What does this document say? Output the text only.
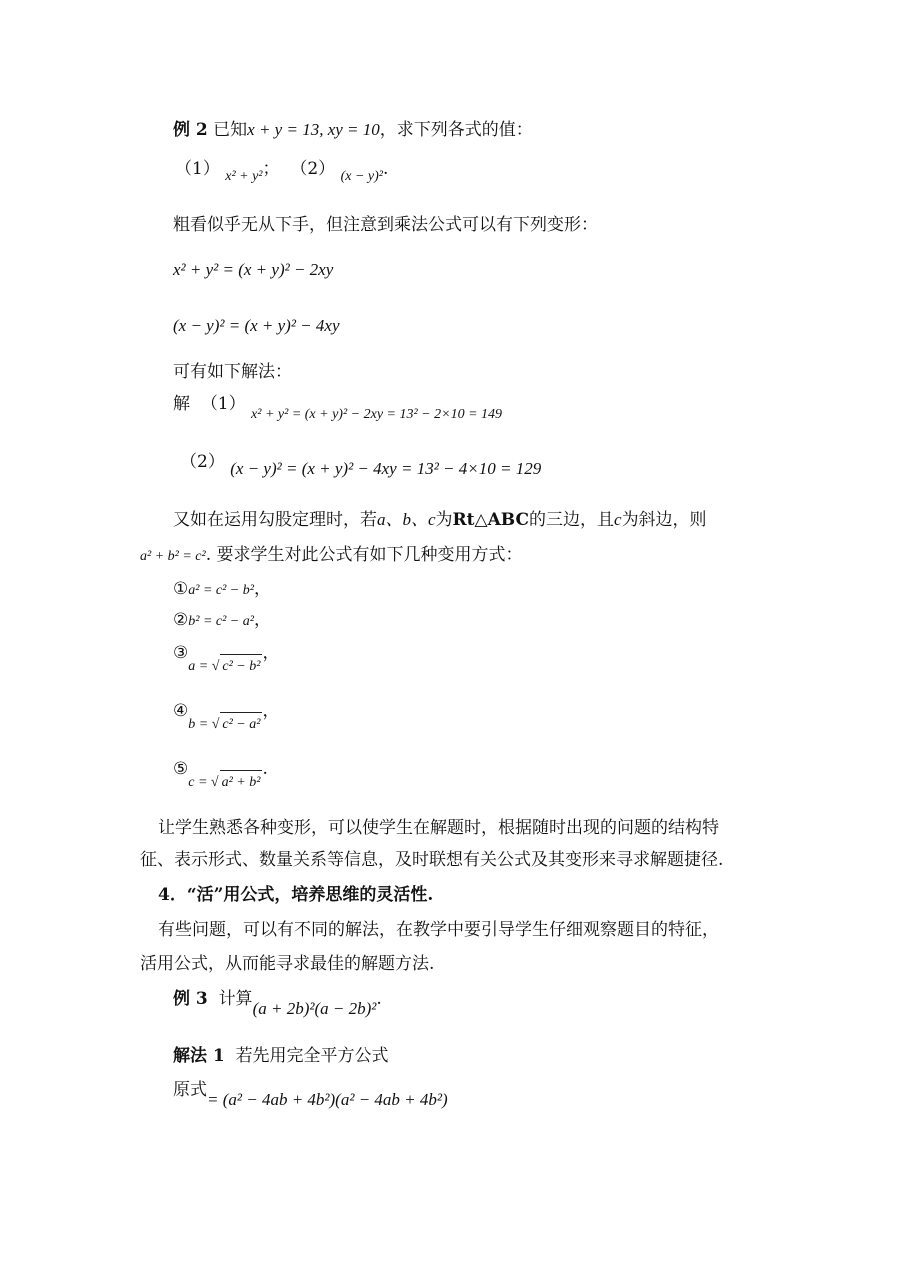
例 2 已知x + y = 13, xy = 10，求下列各式的值：
（1） $_{x^2 + y^2}$； （2） $_{(x - y)^2}$.
粗看似乎无从下手，但注意到乘法公式可以有下列变形：
x² + y² = (x + y)² − 2xy
(x − y)² = (x + y)² − 4xy
可有如下解法：
解 （1） $_{x^2 + y^2 = (x + y)^2 - 2xy = 13^2 - 2\times 10 = 149}$
（2） (x − y)² = (x + y)² − 4xy = 13² − 4×10 = 129
又如在运用勾股定理时，若a、b、c为Rt△ABC的三边，且c为斜边，则
a² + b² = c². 要求学生对此公式有如下几种变用方式：
①a² = c² − b²，
②b² = c² − a²，
$③_{a = √ c^2 - b^2}$，
$④_{b = √ c^2 - a^2}$，
$⑤_{c = √ a^2 + b^2}$.
让学生熟悉各种变形，可以使学生在解题时，根据随时出现的问题的结构特
征、表示形式、数量关系等信息，及时联想有关公式及其变形来寻求解题捷径.
4．“活”用公式，培养思维的灵活性.
有些问题，可以有不同的解法，在教学中要引导学生仔细观察题目的特征，
活用公式，从而能寻求最佳的解题方法.
例 3 计算(a + 2b)²(a − 2b)².
解法 1 若先用完全平方公式
原式= (a² − 4ab + 4b²)(a² − 4ab + 4b²)
